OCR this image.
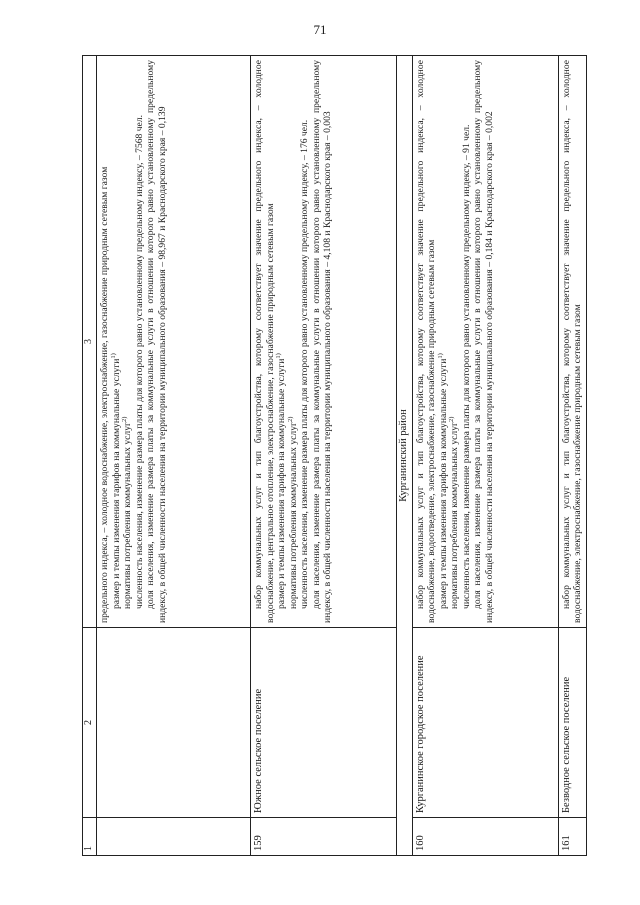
71
1	2	3

		предельного индекса, – холодное водоснабжение, электроснабжение, газоснабжение природным сетевым газом размер и темпы изменения тарифов на коммунальные услуги$^{1)}$

нормативы потребления коммунальных услуг$^{2)}$ численность населения, изменение размера платы для которого равно установленному предельному индексу, – 7568 чел. доля населения, изменение размера платы за коммунальные услуги в отношении которого равно установленному предельному индексу, в общей численности населения на территории муниципального образования – 98,967 и Краснодарского края – 0,139

159	Южное сельское поселение	набор коммунальных услуг и тип благоустройства, которому соответствует значение предельного индекса, – холодное водоснабжение, центральное отопление, электроснабжение, газоснабжение природным сетевым газом размер и темпы изменения тарифов на коммунальные услуги$^{1)}$

нормативы потребления коммунальных услуг$^{2)}$ численность населения, изменение размера платы для которого равно установленному предельному индексу, – 176 чел. доля населения, изменение размера платы за коммунальные услуги в отношении которого равно установленному предельному индексу, в общей численности населения на территории муниципального образования – 4,108 и Краснодарского края – 0,003

Курганинский район		
160	Курганинское городское поселение	набор коммунальных услуг и тип благоустройства, которому соответствует значение предельного индекса, – холодное водоснабжение, водоотведение, электроснабжение, газоснабжение природным сетевым газом размер и темпы изменения тарифов на коммунальные услуги$^{1)}$

нормативы потребления коммунальных услуг$^{2)}$ численность населения, изменение размера платы для которого равно установленному предельному индексу, – 91 чел. доля населения, изменение размера платы за коммунальные услуги в отношении которого равно установленному предельному индексу, в общей численности населения на территории муниципального образования – 0,184 и Краснодарского края – 0,002

161	Безводное сельское поселение	набор коммунальных услуг и тип благоустройства, которому соответствует значение предельного индекса, – холодное водоснабжение, электроснабжение, газоснабжение природным сетевым газом
